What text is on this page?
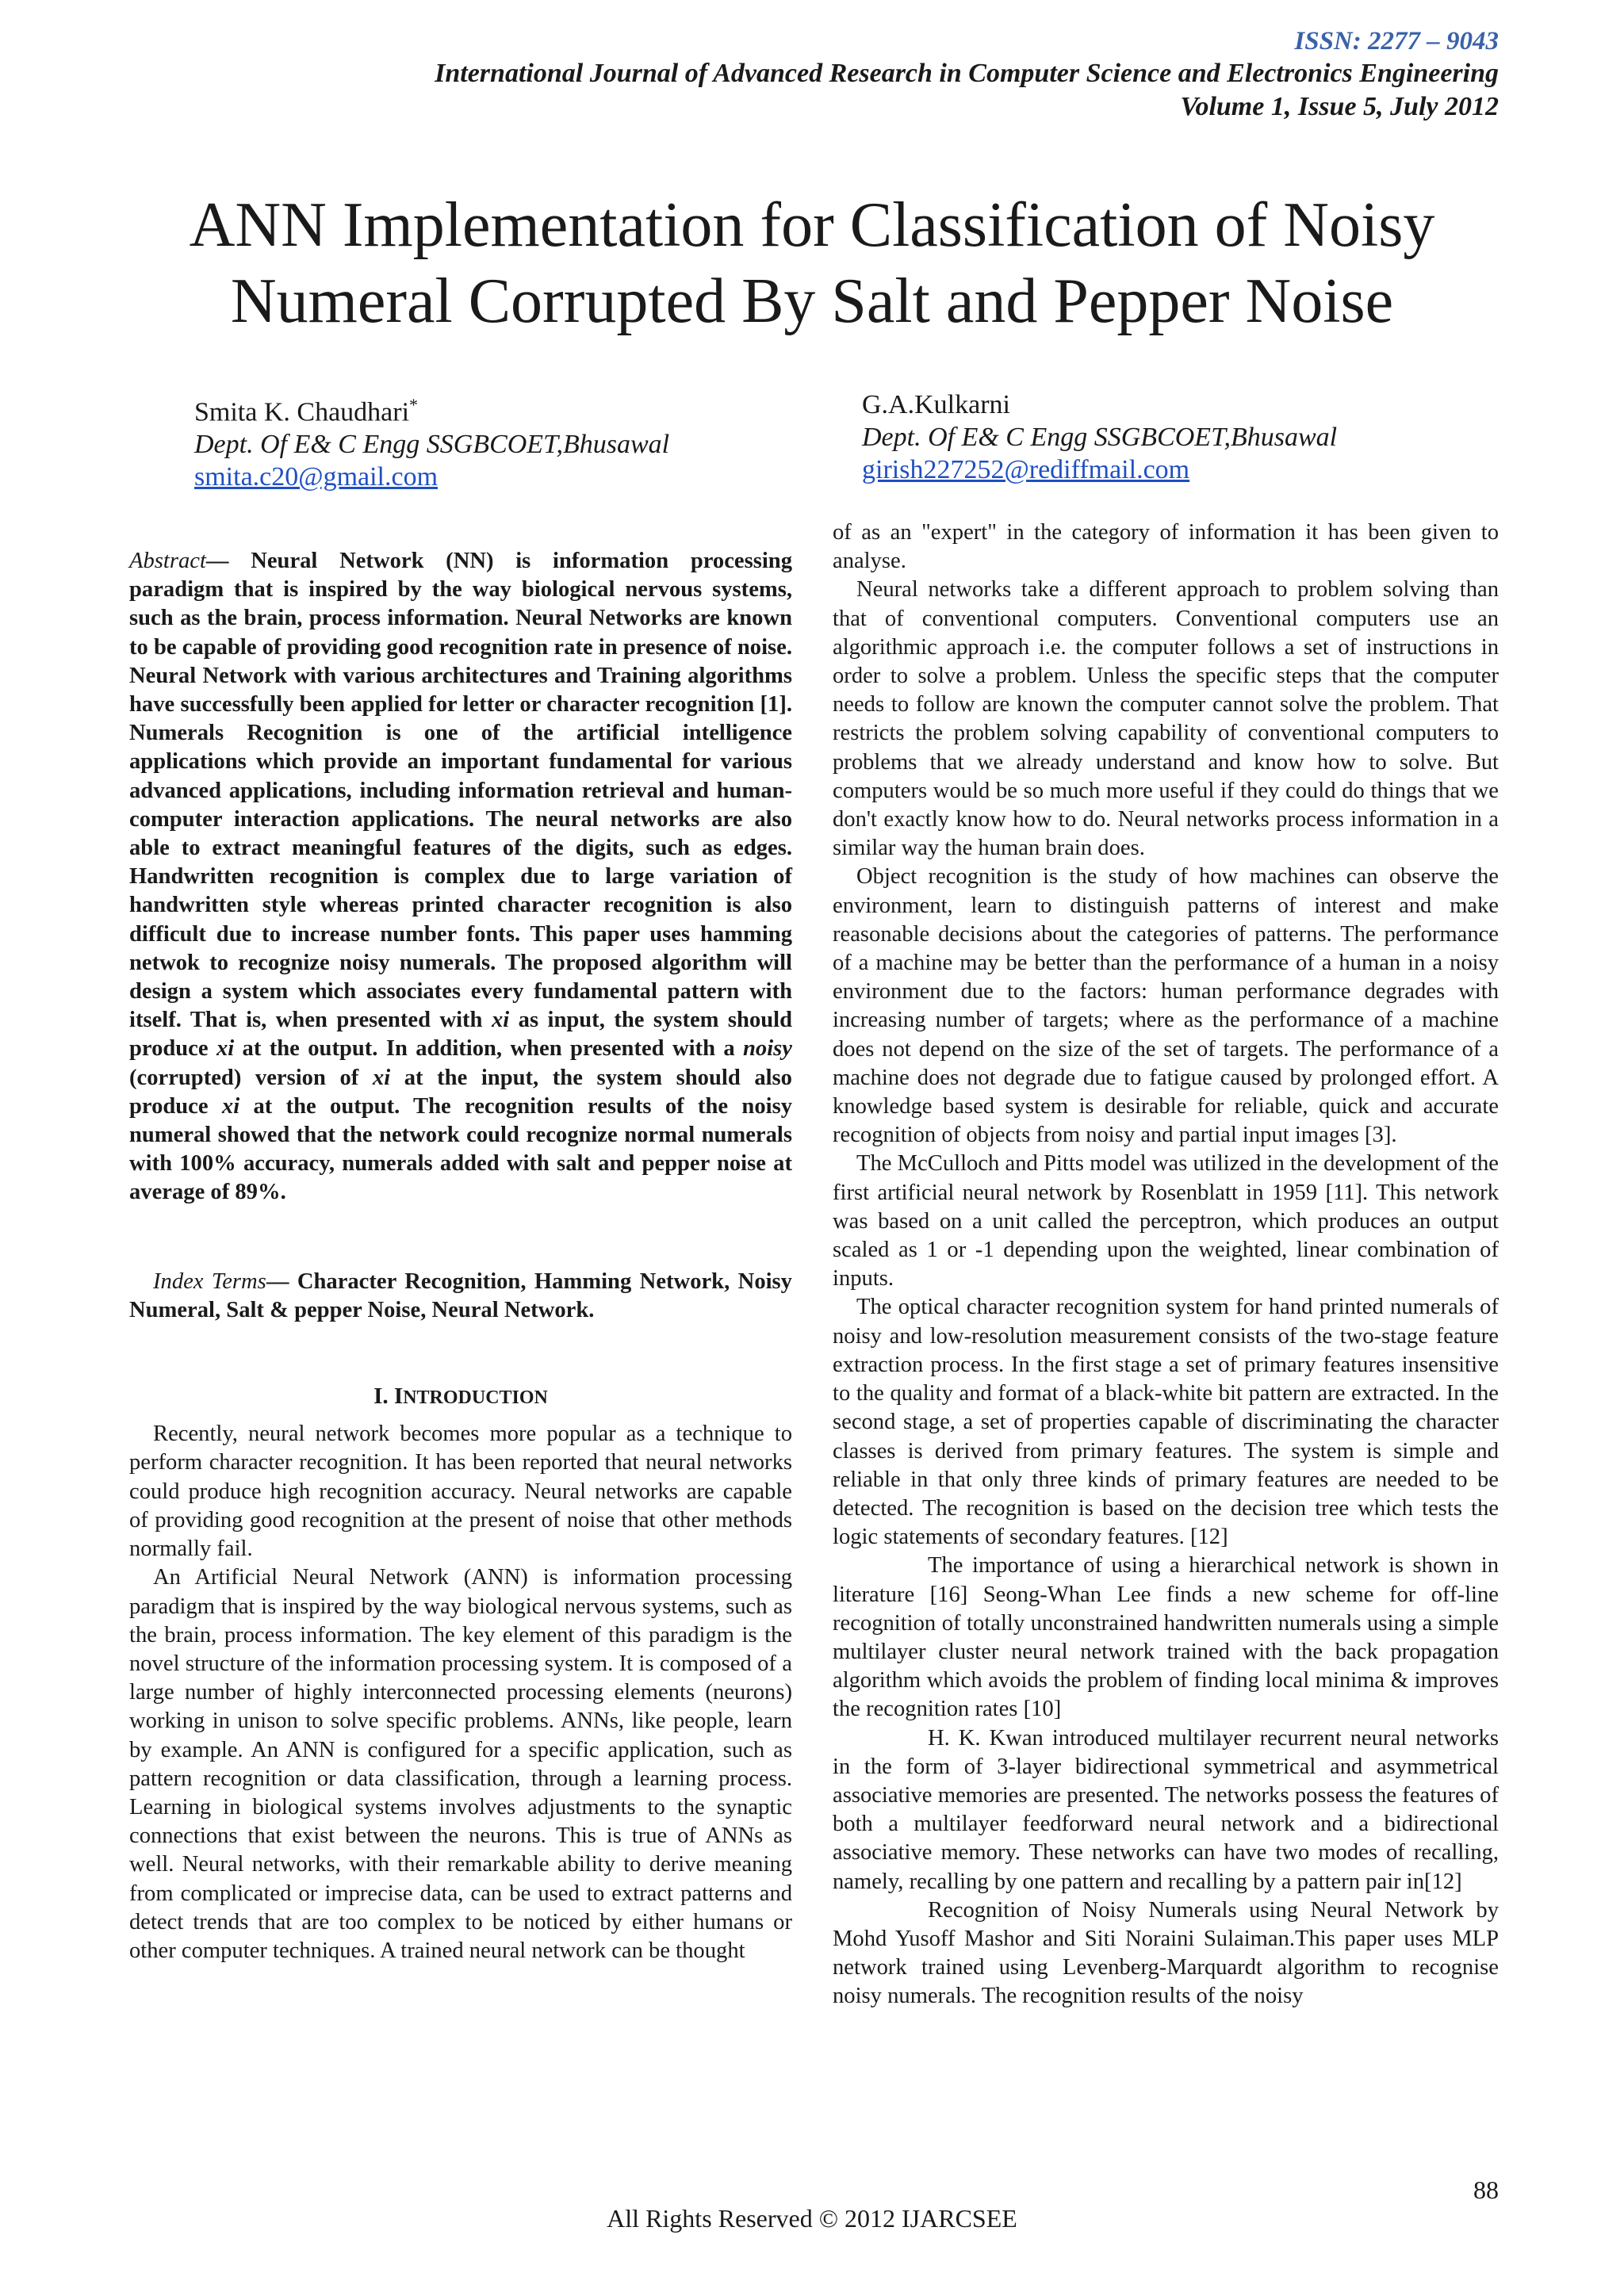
ISSN: 2277 – 9043
International Journal of Advanced Research in Computer Science and Electronics Engineering
Volume 1, Issue 5, July 2012
ANN Implementation for Classification of Noisy
Numeral Corrupted By Salt and Pepper Noise
Smita K. Chaudhari*
Dept. Of E& C Engg SSGBCOET,Bhusawal
smita.c20@gmail.com
G.A.Kulkarni
Dept. Of E& C Engg SSGBCOET,Bhusawal
girish227252@rediffmail.com

Abstract— Neural Network (NN) is information processing paradigm that is inspired by the way biological nervous systems, such as the brain, process information. Neural Networks are known to be capable of providing good recognition rate in presence of noise. Neural Network with various architectures and Training algorithms have successfully been applied for letter or character recognition [1]. Numerals Recognition is one of the artificial intelligence applications which provide an important fundamental for various advanced applications, including information retrieval and human-computer interaction applications. The neural networks are also able to extract meaningful features of the digits, such as edges. Handwritten recognition is complex due to large variation of handwritten style whereas printed character recognition is also difficult due to increase number fonts. This paper uses hamming netwok to recognize noisy numerals. The proposed algorithm will design a system which associates every fundamental pattern with itself. That is, when presented with xi as input, the system should produce xi at the output. In addition, when presented with a noisy (corrupted) version of xi at the input, the system should also produce xi at the output. The recognition results of the noisy numeral showed that the network could recognize normal numerals with 100% accuracy, numerals added with salt and pepper noise at average of 89%.

Index Terms— Character Recognition, Hamming Network, Noisy Numeral, Salt & pepper Noise, Neural Network.

I. INTRODUCTION

Recently, neural network becomes more popular as a technique to perform character recognition. It has been reported that neural networks could produce high recognition accuracy. Neural networks are capable of providing good recognition at the present of noise that other methods normally fail.

An Artificial Neural Network (ANN) is information processing paradigm that is inspired by the way biological nervous systems, such as the brain, process information. The key element of this paradigm is the novel structure of the information processing system. It is composed of a large number of highly interconnected processing elements (neurons) working in unison to solve specific problems. ANNs, like people, learn by example. An ANN is configured for a specific application, such as pattern recognition or data classification, through a learning process. Learning in biological systems involves adjustments to the synaptic connections that exist between the neurons. This is true of ANNs as well. Neural networks, with their remarkable ability to derive meaning from complicated or imprecise data, can be used to extract patterns and detect trends that are too complex to be noticed by either humans or other computer techniques. A trained neural network can be thought

of as an "expert" in the category of information it has been given to analyse.

Neural networks take a different approach to problem solving than that of conventional computers. Conventional computers use an algorithmic approach i.e. the computer follows a set of instructions in order to solve a problem. Unless the specific steps that the computer needs to follow are known the computer cannot solve the problem. That restricts the problem solving capability of conventional computers to problems that we already understand and know how to solve. But computers would be so much more useful if they could do things that we don't exactly know how to do. Neural networks process information in a similar way the human brain does.

Object recognition is the study of how machines can observe the environment, learn to distinguish patterns of interest and make reasonable decisions about the categories of patterns. The performance of a machine may be better than the performance of a human in a noisy environment due to the factors: human performance degrades with increasing number of targets; where as the performance of a machine does not depend on the size of the set of targets. The performance of a machine does not degrade due to fatigue caused by prolonged effort. A knowledge based system is desirable for reliable, quick and accurate recognition of objects from noisy and partial input images [3].

The McCulloch and Pitts model was utilized in the development of the first artificial neural network by Rosenblatt in 1959 [11]. This network was based on a unit called the perceptron, which produces an output scaled as 1 or -1 depending upon the weighted, linear combination of inputs.

The optical character recognition system for hand printed numerals of noisy and low-resolution measurement consists of the two-stage feature extraction process. In the first stage a set of primary features insensitive to the quality and format of a black-white bit pattern are extracted. In the second stage, a set of properties capable of discriminating the character classes is derived from primary features. The system is simple and reliable in that only three kinds of primary features are needed to be detected. The recognition is based on the decision tree which tests the logic statements of secondary features. [12]

The importance of using a hierarchical network is shown in literature [16] Seong-Whan Lee finds a new scheme for off-line recognition of totally unconstrained handwritten numerals using a simple multilayer cluster neural network trained with the back propagation algorithm which avoids the problem of finding local minima & improves the recognition rates [10]

H. K. Kwan introduced multilayer recurrent neural networks in the form of 3-layer bidirectional symmetrical and asymmetrical associative memories are presented. The networks possess the features of both a multilayer feedforward neural network and a bidirectional associative memory. These networks can have two modes of recalling, namely, recalling by one pattern and recalling by a pattern pair in[12]

Recognition of Noisy Numerals using Neural Network by Mohd Yusoff Mashor and Siti Noraini Sulaiman.This paper uses MLP network trained using Levenberg-Marquardt algorithm to recognise noisy numerals. The recognition results of the noisy

88
All Rights Reserved © 2012 IJARCSEE
